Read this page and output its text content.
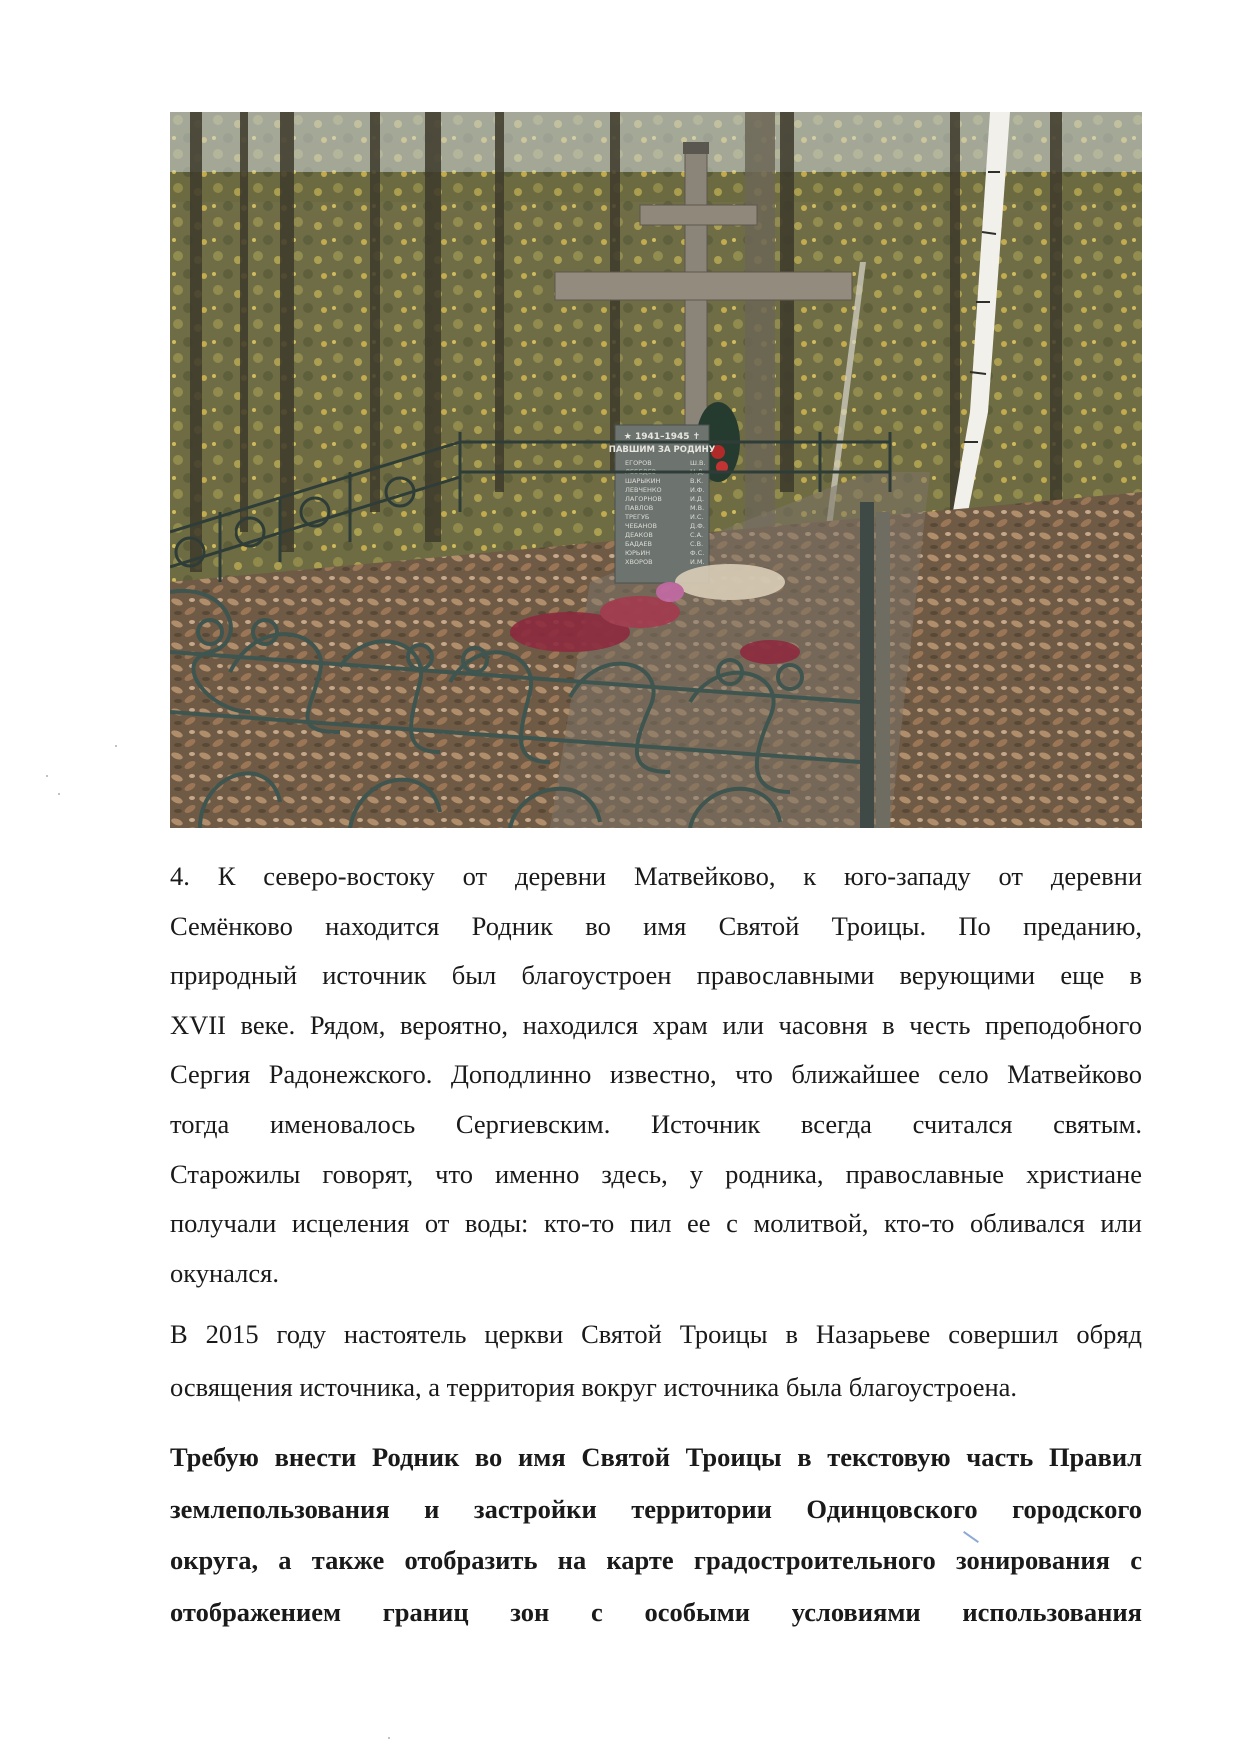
★ 1941–1945 ✝
ПАВШИМ ЗА РОДИНУ
ЕГОРОВ	Ш.В.
ЛЕБЕДЕВ	М.Д.
ШАРЫКИН	В.К.
ЛЕВЧЕНКО	И.Ф.
ЛАГОРНОВ	И.Д.
ПАВЛОВ	М.В.
ТРЕГУБ	И.С.
ЧЕБАНОВ	Д.Ф.
ДЕАКОВ	С.А.
БАДАЕВ	С.В.
ЮРЬИН	Ф.С.
ХВОРОВ	И.М.
4. К северо-востоку от деревни Матвейково, к юго-западу от деревни
Семёнково находится Родник во имя Святой Троицы. По преданию,
природный источник был благоустроен православными верующими еще в
XVII веке. Рядом, вероятно, находился храм или часовня в честь преподобного
Сергия Радонежского. Доподлинно известно, что ближайшее село Матвейково
тогда именовалось Сергиевским. Источник всегда считался святым.
Старожилы говорят, что именно здесь, у родника, православные христиане
получали исцеления от воды: кто-то пил ее с молитвой, кто-то обливался или
окунался.
В 2015 году настоятель церкви Святой Троицы в Назарьеве совершил обряд
освящения источника, а территория вокруг источника была благоустроена.
Требую внести Родник во имя Святой Троицы в текстовую часть Правил
землепользования и застройки территории Одинцовского городского
округа, а также отобразить на карте градостроительного зонирования с
отображением границ зон с особыми условиями использования
